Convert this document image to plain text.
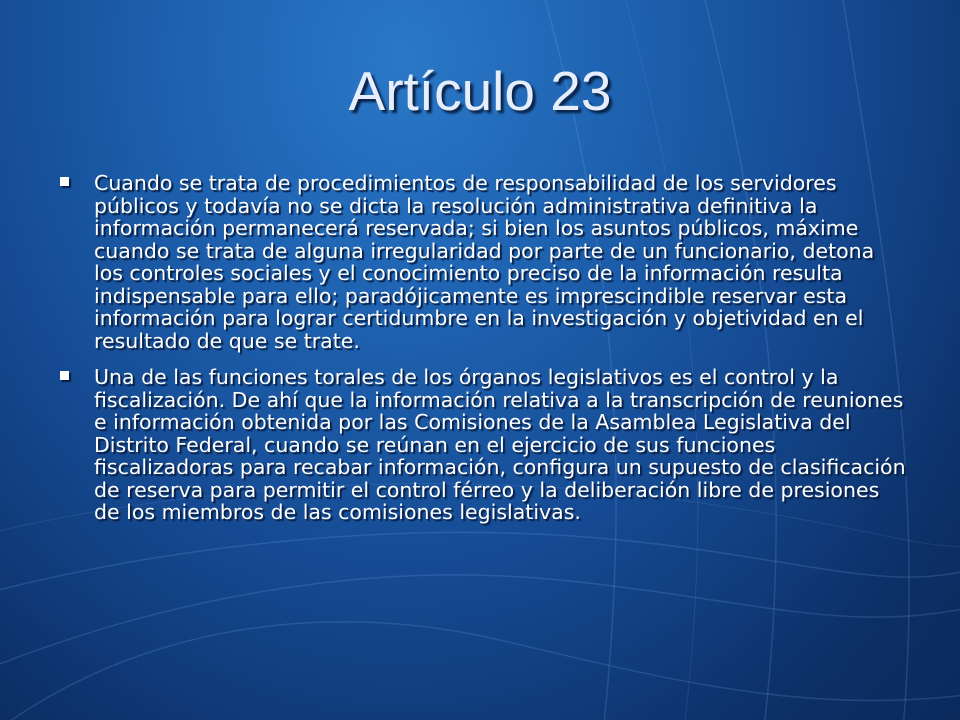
Artículo 23
Cuando se trata de procedimientos de responsabilidad de los servidores públicos y todavía no se dicta la resolución administrativa definitiva la información permanecerá reservada; si bien los asuntos públicos, máxime cuando se trata de alguna irregularidad por parte de un funcionario, detona los controles sociales y el conocimiento preciso de la información resulta indispensable para ello; paradójicamente es imprescindible reservar esta información para lograr certidumbre en la investigación y objetividad en el resultado de que se trate.
Una de las funciones torales de los órganos legislativos es el control y la fiscalización. De ahí que la información relativa a la transcripción de reuniones e información obtenida por las Comisiones de la Asamblea Legislativa del Distrito Federal, cuando se reúnan en el ejercicio de sus funciones fiscalizadoras para recabar información, configura un supuesto de clasificación de reserva para permitir el control férreo y la deliberación libre de presiones de los miembros de las comisiones legislativas.
